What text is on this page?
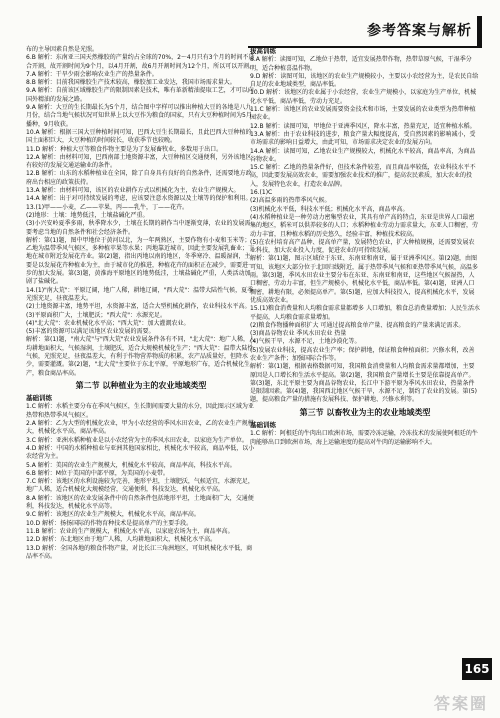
参考答案与解析

布的主导因素自然是光照。

6.B 解析：东南亚三国天然橡胶的产量约占全球的70%，2～4月只有3个月的时间不适合开割，故开割时间为9个月，以4月开割，故6月开割时间为12个月，所以可以开割。

7.A 解析：干旱少雨会影响农业生产的热量条件。

8.B 解析：目前我国橡胶生产技术较高，橡胶加工业发达，我国市场需求量大。

9.A 解析：自前该区域橡胶生产的限制因素是技术，唯有革新精油提取工艺，才可以向国外精油的发展之路。

9.A 解析：大豆的生长期最长为5个月，结合图中字样可以推出种植大豆的各地是八九月份，结合当地气候状况可知世界上以大豆作为粮食的国家，只有大豆种植时间为5月播种，9月收获。

10.A 解析：根据三国大豆种植时间可知，巴西大豆生长期最长，且此巴西大豆种植的国土面积巨大，大豆种植的时间较长，收获季节也较晚。

11.D 解析：种植大豆等粮食作物主要是为了发展畜牧业，多数用于出口。

12.A 解析：由材料可知，巴西南部土地资源丰富，大豆种植区交通便利，另外该地区有较好的发展交通运输业的条件。

12.B 解析：山东的水稻种植业在全国，除了自身具有良好的自然条件，还需要地方政府出台相应的政策扶持。

13.A 解析：由材料可知，该区的农业耕作方式以机械化为主，农业生产规模大。

14.A 解析：出于对可持续发展的考虑，应该要注意水资源以及土壤等的保护和利用。

13.(1)甲——小麦，乙——苹果，丙——乳牛，丁——花卉。

(2)地形：土壤：地势低洼，土壤盐碱化严重。

(3)小兴安岭夏季多雨，秋季降水少，土壤在长期的耕作当中逐渐变薄，农业的发展需要考虑当地的自然条件和社会经济条件。

解析：第(1)题，图中甲地位于黄河以北，为一年两熟区，主要作物有小麦和玉米等；乙地为温带季风气候区，多种植苹果等水果；丙地靠近城市，因此主要发展乳畜业；丁地在城市附近发展花卉业。第(2)题，指出丙地以南的地区，冬季寒冷、温暖湿润，主要是以发展花卉种植业为主，由于城市化的推进，种植花卉的面积正在减少，需要进一步的加大发展。第(3)题，黄淮海平原地区的地势低洼，土壤盐碱化严重，人类活动加剧了盐碱化。

14.(1)"南大荒"：平原辽阔，地广人稀，耕地辽阔，"西大荒"：温带大陆性气候，夏季光照充足，昼夜温差大。

(2)土地资源丰富，地势平坦，水资源丰富，适合大型机械化耕作，农业科技水平高。

(3)平原面积广大，土壤肥沃；"西大荒"：水源充足。

(4)"北大荒"：农业机械化水平高；"西大荒"：加大灌溉农业。

(5)丰富的资源可以满足该地区农业发展的需要。

解析：第(1)题，"南大荒"与"西大荒"农业发展条件各有不同，"北大荒"：地广人稀，人均耕地面积大，气候湿润，土壤肥沃，适合大规模机械化生产；"西大荒"：温带大陆性气候，光照充足，昼夜温差大，有利于作物营养物质的积累，农产品质量好，但降水少，需要灌溉。第(2)题，"北大荒"主要位于东北平原，平原地形广布，适合机械化生产，粮食商品率高。

第二节 以种植业为主的农业地域类型

基础训练

1.C 解析：水稻主要分布在季风气候区，生长期间需要大量的水分，因此图示区域为亚热带和热带季风气候区。

2.A 解析：乙为大型的机械化农业，甲为小农经营的季风水田农业，乙的农业生产规模大，机械化水平高，商品率高。

3.C 解析：亚洲水稻种植业是以小农经营为主的季风水田农业，以家庭为生产单位。

4.D 解析：中国的水稻种植业与亚洲其他国家相比，机械化水平较高，商品率低，以小农经营为主。

5.A 解析：美国的农业生产规模大，机械化水平较高，商品率高，科技水平高。

6.B 解析：M位于美国的中部平原，为美国的小麦带。

7.C 解析：该地区的水利设施较为完善，地形平坦，土壤肥沃，气候适宜，水源充足，地广人稀，适合机械化大规模经营，交通便利，科技发达，机械化水平高。

8.A 解析：该地区的农业发展条件中的自然条件包括地形平坦，土地面积广大，交通便利，科技发达，机械化水平高等。

9.C 解析：该地区的农业生产规模大，机械化水平高，商品率高。

10.D 解析：扬扬国际的作物育种技术是提高单产的主要手段。

11.B 解析：农业的生产规模大，机械化水平高，以家庭农场为主，商品率高。

12.D 解析：东北地区由于地广人稀，人均耕地面积大，机械化水平高。

13.D 解析：全国各地的粮食作物产量，对比长江三角洲地区，可知机械化水平低，商品率不高。

拔高训练

8.A 解析：读图可知，乙地位于热带，适宜发展热带作物，热带草原气候，干湿季分明，适合种植喜温作物。

9.D 解析：读图可知，该地区的农业生产规模较小，主要以小农经营为主，是农民自给自足的农业地域类型，商品率低。

10.D 解析：该地区的农业属于小农经营，农业生产规模小，以家庭为生产单位，机械化水平低，商品率低，劳动力充足。

11.C 解析：该地区的农业发展需要资金技术和市场，主要发展的农业类型为热带种植园农业。

12.B 解析：读图可知，甲地位于亚洲季风区，降水丰富，热量充足，适宜种植水稻。

13.A 解析：由于农业科技的进步，粮食产量大幅度提高，受自然因素的影响减小，受市场需求的影响日益增大，由此可知，市场需求决定农业的发展方向。

14.A 解析：读图可知，乙地农业生产规模较大，机械化水平较高，商品率高，为商品谷物农业。

15.C 解析：乙地的热量条件好，但技术条件较差，而且商品率较低，农业科技水平不高，因此要发展高效农业，需要加强农业技术的推广，提高农民素质，加大农业的投入，发展特色农业，打造农业品牌。

16.(1)C

(2)高温多雨的热带季风气候。

(3)机械化水平低，科技水平低；机械化水平高，商品率高。

(4)水稻种植业是一种劳动力密集型农业，其具有单产高的特点，东亚是世界人口最密集的地区，稻米可以供养较多的人口；水稻种植业劳动力需求量大，东亚人口稠密，劳动力丰富，且种植水稻的历史悠久，经验丰富，种植技术较高。

(5)在农村培育高产品种、提高单产量，发展特色农业，扩大种植规模，还需要发展农业科技，加大农业投入力度，促进农业的可持续发展。

解析：第(1)题，图示区域位于东亚、东南亚和南亚，属于亚洲季风区。第(2)题，由图可知，该地区大部分位于北回归线附近，属于热带季风气候和亚热带季风气候，高温多雨。第(3)题，季风水田农业主要分布在东亚、东南亚和南亚，这些地区气候湿热，人口稠密，劳动力丰富，但生产规模小，机械化水平低，商品率低。第(4)题，亚洲人口稠密，耕地有限，必须提高单产。第(5)题，应加大科技投入，提高机械化水平，发展优质高效农业。

15.(1)粮食消费量和人均粮食需求量都增多 人口增加，粮食总消费量增加；人民生活水平提高，人均粮食需求量增加。

(2)粮食作物播种面积扩大 可通过提高粮食单产量、提高粮食的产量来满足需求。

(3)商品谷物农业 季风水田农业 热量

(4)气候干旱，水源不足，土地沙漠化等。

(5)发展农业科技，提高农业生产率；保护耕地，保证粮食种植面积；兴修水利，改善农业生产条件；加强国际合作等。

解析：第(1)题，根据表格数据可知，我国粮食消费量和人均粮食需求量都增加，主要原因是人口增长和生活水平提高。第(2)题，我国粮食产量增长主要是依靠提高单产。第(3)题，东北平原主要为商品谷物农业，长江中下游平原为季风水田农业，热量条件是限制因素。第(4)题，我国西北地区气候干旱，水源不足，制约了农业的发展。第(5)题，提高粮食产量的措施有发展科技、保护耕地、兴修水利等。

第三节 以畜牧业为主的农业地域类型

基础训练

1.C 解析：阿根廷的牛肉出口欧洲市场，需要冷冻运输，冷冻技术的发展使阿根廷的牛肉能够出口到欧洲市场，海上运输速度的提高对牛肉的运输影响不大。

165
答案圈
